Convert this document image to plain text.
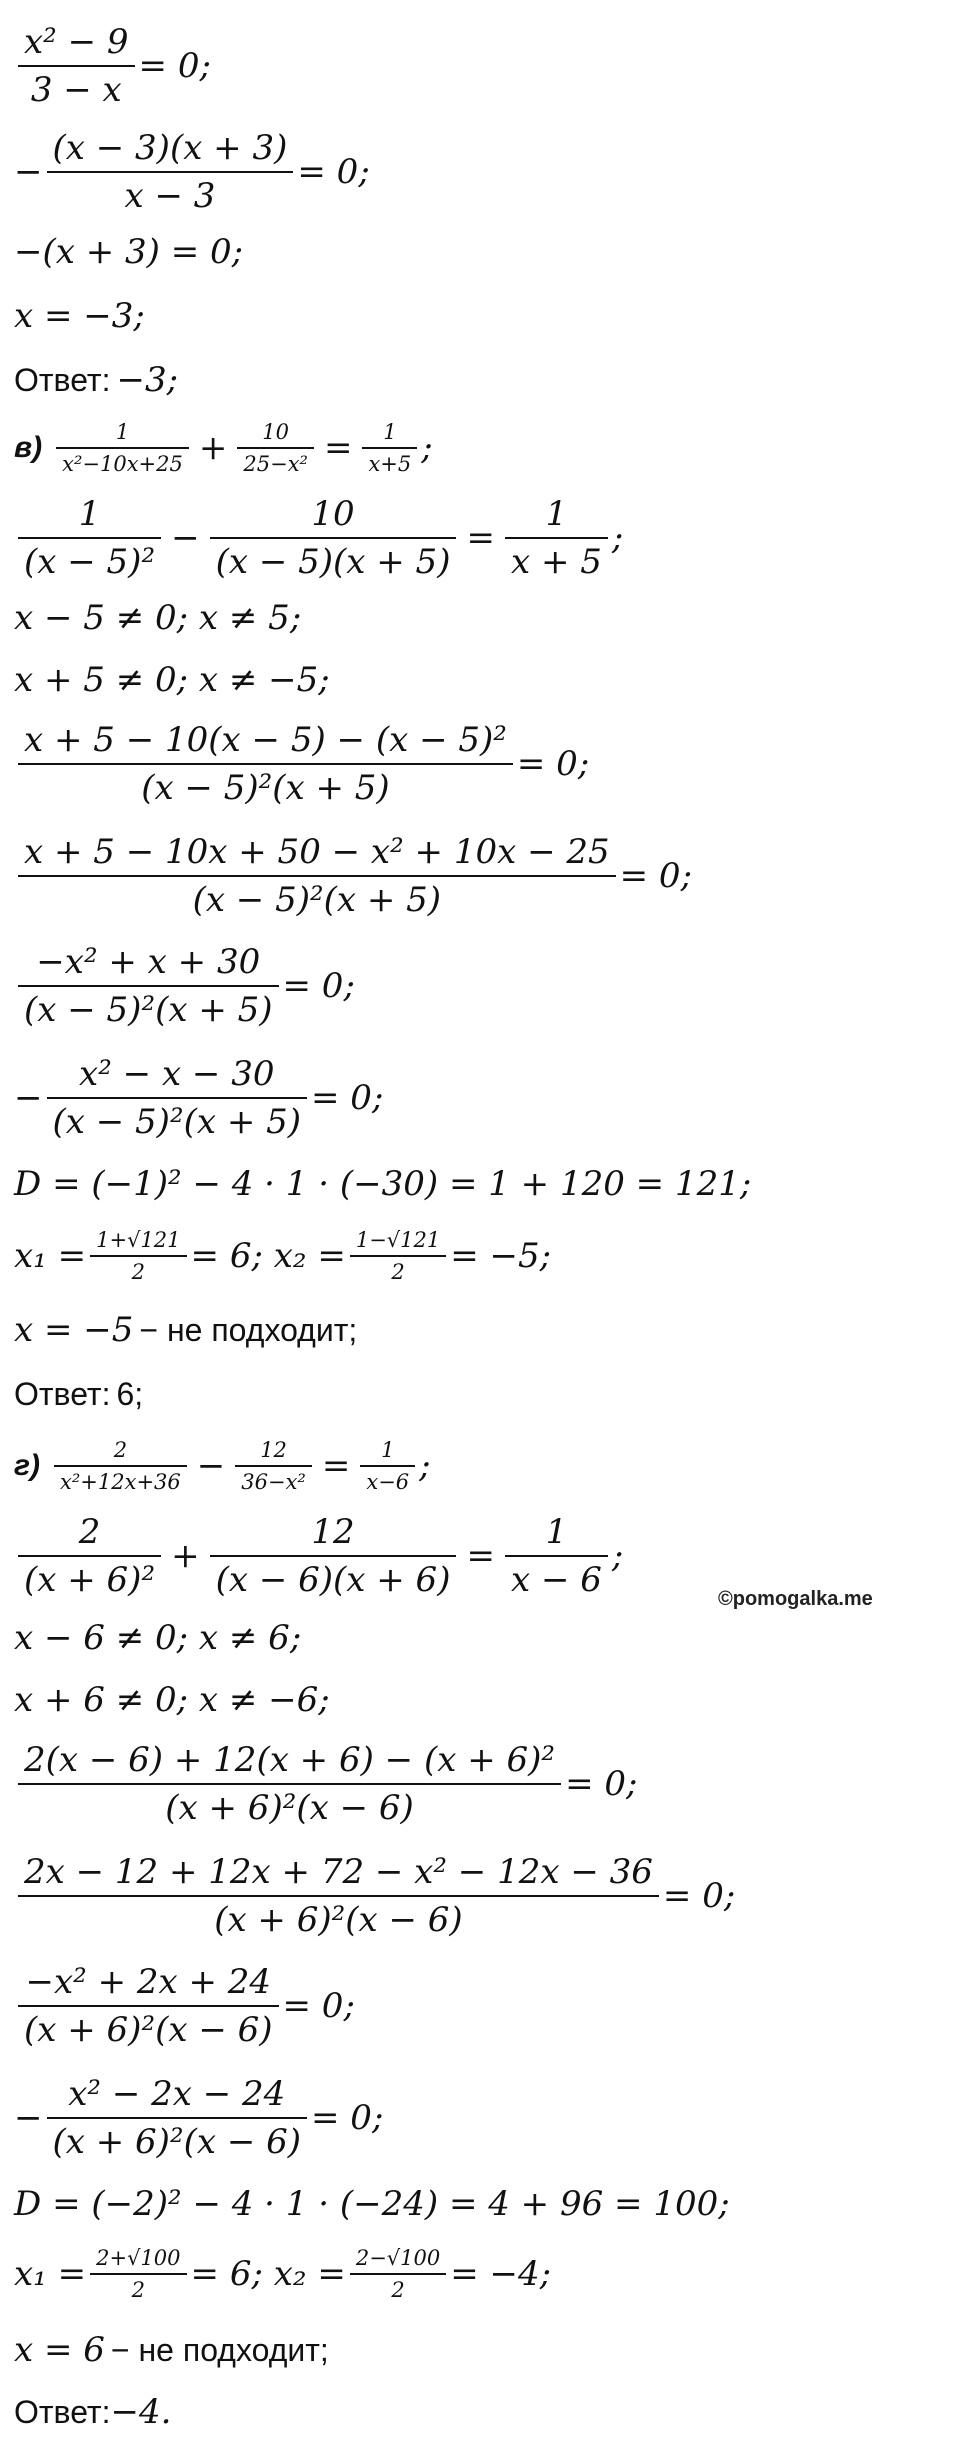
$\frac{\text{x² − 9}}{3 - x} = 0$;
− $\frac{(x - 3)(x + 3)}{x - 3} = 0$;
−(x + 3) = 0;
x = −3;
Ответ: −3;
$в) \frac{1}{\text{x²−10x+25}} + \frac{10}{\text{25−x²}} = \frac{1}{x+5}$ ;
$\frac{1}{\text{(x − 5)²}} - \frac{10}{(x - 5)(x + 5)} = \frac{1}{x + 5}$ ;
x − 5 ≠ 0; x ≠ 5;
x + 5 ≠ 0; x ≠ −5;
$\frac{\text{x + 5 − 10(x − 5) − (x − 5)²}}{\text{(x − 5)²(x + 5)}} = 0$;
$\frac{\text{x + 5 − 10x + 50 − x² + 10x − 25}}{\text{(x − 5)²(x + 5)}} = 0$;
$\frac{\text{−x² + x + 30}}{\text{(x − 5)²(x + 5)}} = 0$;
− $\frac{\text{x² − x − 30}}{\text{(x − 5)²(x + 5)}} = 0$;
D = (−1)² − 4 · 1 · (−30) = 1 + 120 = 121;
$x_1 = \frac{1+√121}{2} = 6$; $x_2 = \frac{1-√121}{2} = -5$;
x = −5 − не подходит;
Ответ: 6;
$г) \frac{2}{\text{x²+12x+36}} - \frac{12}{\text{36−x²}} = \frac{1}{x-6}$ ;
$\frac{2}{\text{(x + 6)²}} + \frac{12}{(x - 6)(x + 6)} = \frac{1}{x - 6}$ ;
©pomogalka.me
x − 6 ≠ 0; x ≠ 6;
x + 6 ≠ 0; x ≠ −6;
$\frac{\text{2(x − 6) + 12(x + 6) − (x + 6)²}}{\text{(x + 6)²(x − 6)}} = 0$;
$\frac{\text{2x − 12 + 12x + 72 − x² − 12x − 36}}{\text{(x + 6)²(x − 6)}} = 0$;
$\frac{\text{−x² + 2x + 24}}{\text{(x + 6)²(x − 6)}} = 0$;
− $\frac{\text{x² − 2x − 24}}{\text{(x + 6)²(x − 6)}} = 0$;
D = (−2)² − 4 · 1 · (−24) = 4 + 96 = 100;
$x_1 = \frac{2+√100}{2} = 6$; $x_2 = \frac{2-√100}{2} = -4$;
x = 6 − не подходит;
Ответ: −4.
